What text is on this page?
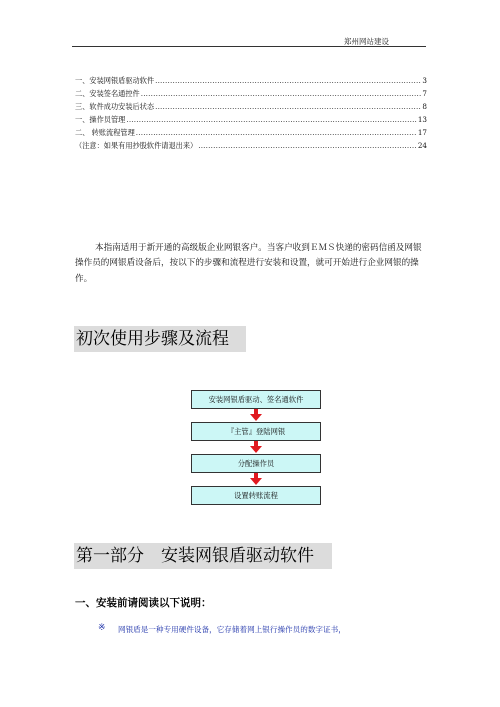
郑州网站建设
一、安装网银盾驱动软件 .....	3
二、安装签名通控件 .....	7
三、软件成功安装后状态 .....	8
一、操作员管理 .....	13
二、 转账流程管理 .....	17
（注意：如果有用抄股软件请退出来） .....	24

本指南适用于新开通的高级版企业网银客户。当客户收到ＥＭＳ快递的密码信函及网银操作员的网银盾设备后，按以下的步骤和流程进行安装和设置，就可开始进行企业网银的操作。

初次使用步骤及流程
安装网银盾驱动、签名通软件
『主管』登陆网银
分配操作员
设置转账流程
第一部分　安装网银盾驱动软件
一、安装前请阅读以下说明：
※ 网银盾是一种专用硬件设备，它存储着网上银行操作员的数字证书，
